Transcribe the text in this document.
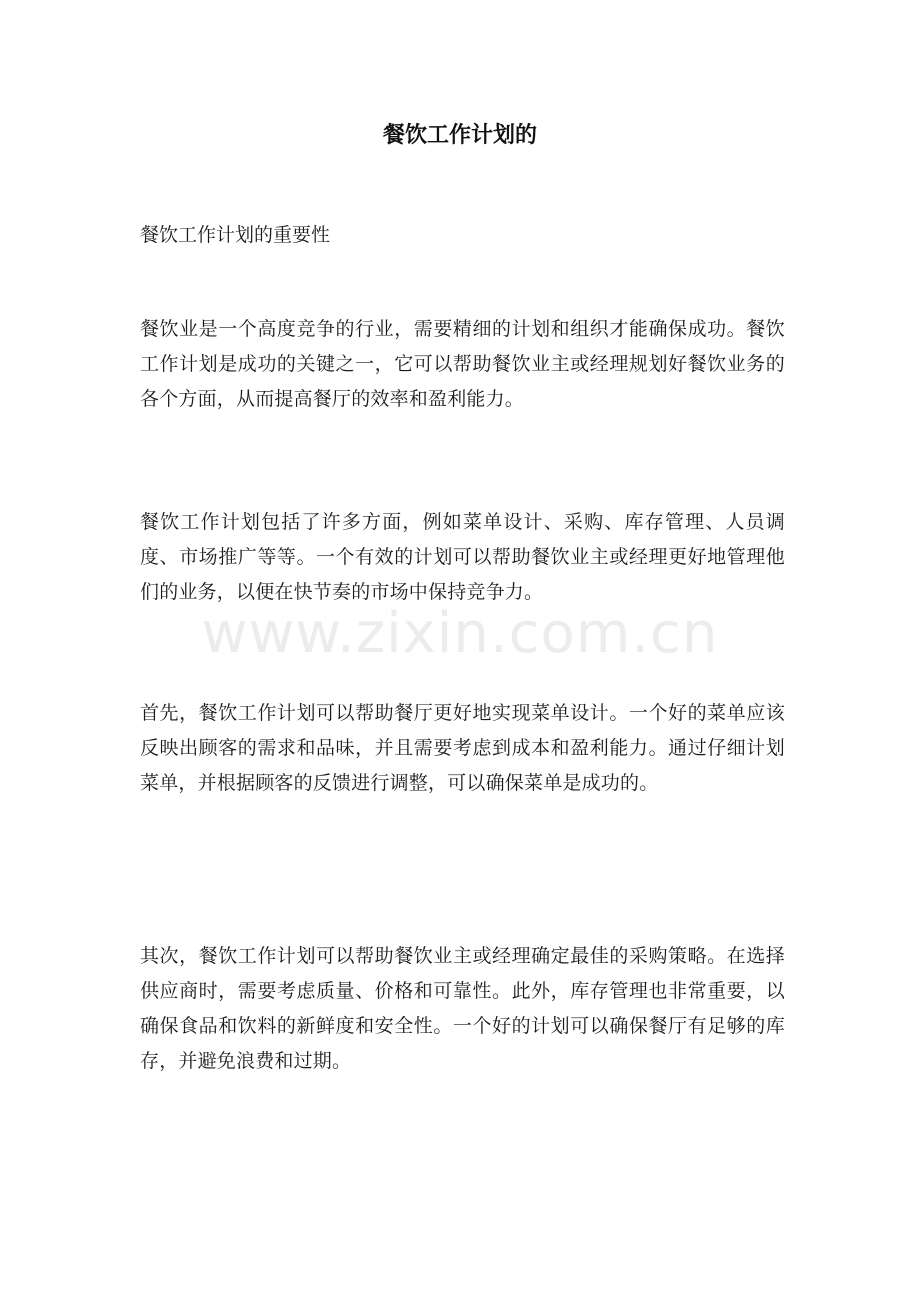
餐饮工作计划的
餐饮工作计划的重要性

餐饮业是一个高度竞争的行业，需要精细的计划和组织才能确保成功。餐饮工作计划是成功的关键之一，它可以帮助餐饮业主或经理规划好餐饮业务的各个方面，从而提高餐厅的效率和盈利能力。

餐饮工作计划包括了许多方面，例如菜单设计、采购、库存管理、人员调度、市场推广等等。一个有效的计划可以帮助餐饮业主或经理更好地管理他们的业务，以便在快节奏的市场中保持竞争力。

首先，餐饮工作计划可以帮助餐厅更好地实现菜单设计。一个好的菜单应该反映出顾客的需求和品味，并且需要考虑到成本和盈利能力。通过仔细计划菜单，并根据顾客的反馈进行调整，可以确保菜单是成功的。

其次，餐饮工作计划可以帮助餐饮业主或经理确定最佳的采购策略。在选择供应商时，需要考虑质量、价格和可靠性。此外，库存管理也非常重要，以确保食品和饮料的新鲜度和安全性。一个好的计划可以确保餐厅有足够的库存，并避免浪费和过期。

www.zixin.com.cn
